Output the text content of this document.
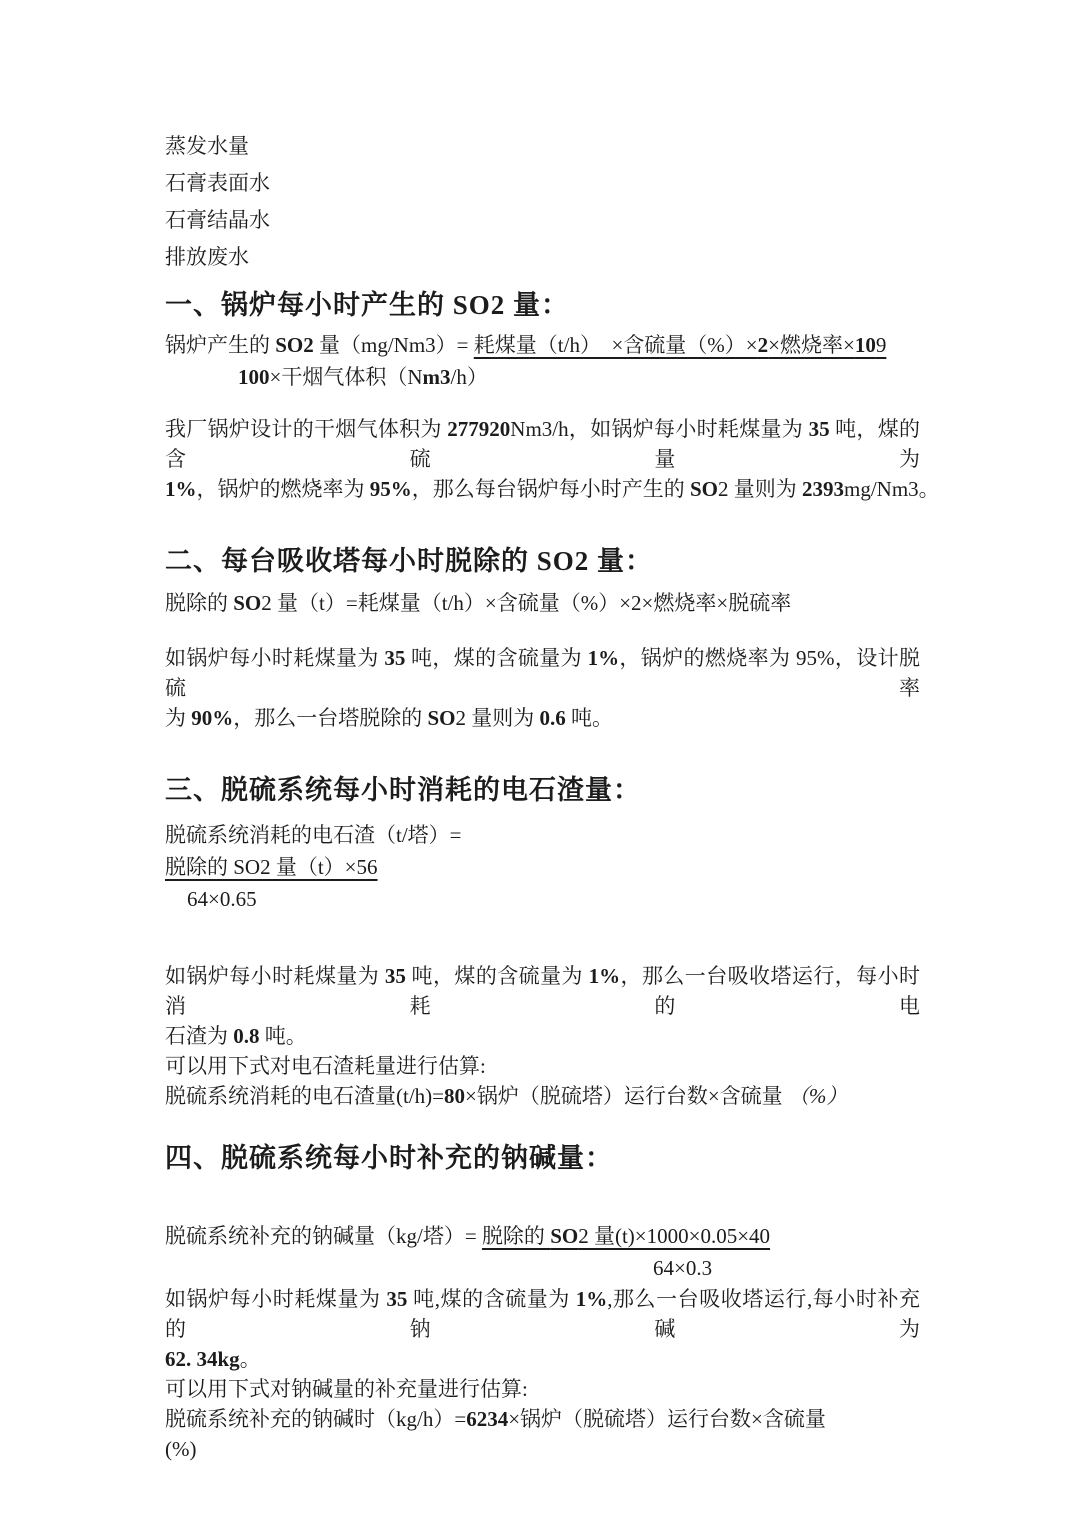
蒸发水量
石膏表面水
石膏结晶水
排放废水
一、锅炉每小时产生的 SO2 量：
锅炉产生的 SO2 量（mg/Nm3）= 耗煤量（t/h）　×含硫量（%）×2×燃烧率×109
100×干烟气体积（Nm3/h）
我厂锅炉设计的干烟气体积为 277920Nm3/h，如锅炉每小时耗煤量为 35 吨，煤的含硫量为
1%，锅炉的燃烧率为 95%，那么每台锅炉每小时产生的 SO2 量则为 2393mg/Nm3。
二、每台吸收塔每小时脱除的 SO2 量：
脱除的 SO2 量（t）=耗煤量（t/h）×含硫量（%）×2×燃烧率×脱硫率
如锅炉每小时耗煤量为 35 吨，煤的含硫量为 1%，锅炉的燃烧率为 95%，设计脱硫率
为 90%，那么一台塔脱除的 SO2 量则为 0.6 吨。
三、脱硫系统每小时消耗的电石渣量：
脱硫系统消耗的电石渣（t/塔）=
脱除的 SO2 量（t）×56
64×0.65
如锅炉每小时耗煤量为 35 吨，煤的含硫量为 1%，那么一台吸收塔运行，每小时消耗的电
石渣为 0.8 吨。
可以用下式对电石渣耗量进行估算:
脱硫系统消耗的电石渣量(t/h)=80×锅炉（脱硫塔）运行台数×含硫量 （%）
四、脱硫系统每小时补充的钠碱量：
脱硫系统补充的钠碱量（kg/塔）= 脱除的 SO2 量(t)×1000×0.05×40
64×0.3
如锅炉每小时耗煤量为 35 吨,煤的含硫量为 1%,那么一台吸收塔运行,每小时补充的钠碱为
62. 34kg。
可以用下式对钠碱量的补充量进行估算:
脱硫系统补充的钠碱时（kg/h）=6234×锅炉（脱硫塔）运行台数×含硫量
(%)
